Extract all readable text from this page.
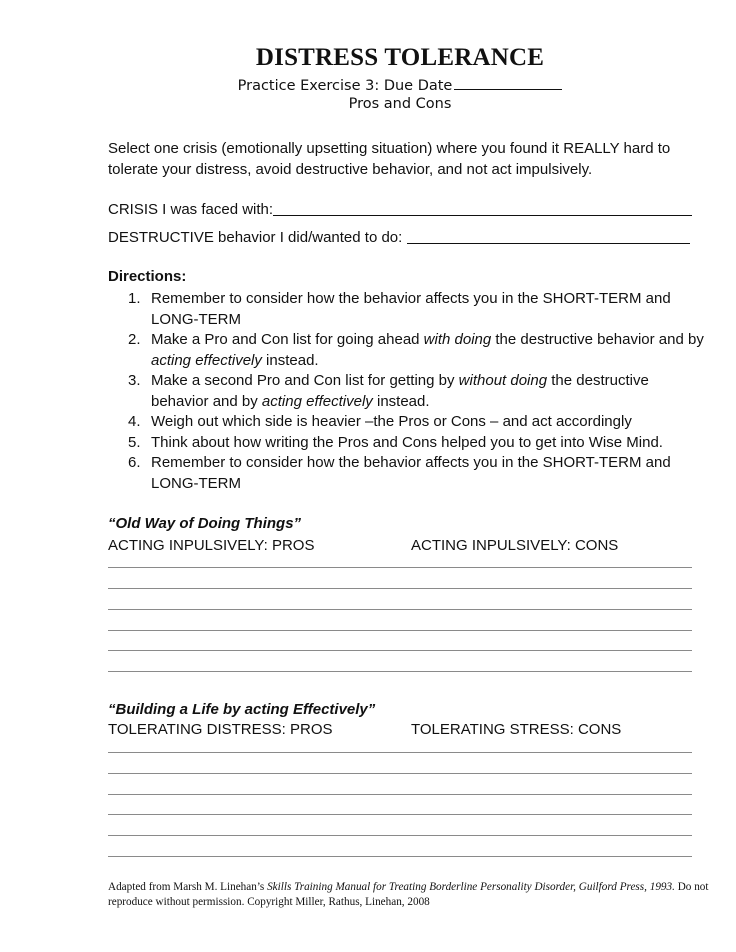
DISTRESS TOLERANCE
Practice Exercise 3: Due Date
Pros and Cons
Select one crisis (emotionally upsetting situation) where you found it REALLY hard to tolerate your distress, avoid destructive behavior, and not act impulsively.
CRISIS I was faced with:
DESTRUCTIVE behavior I did/wanted to do:
Directions:
1. Remember to consider how the behavior affects you in the SHORT-TERM and LONG-TERM
2. Make a Pro and Con list for going ahead with doing the destructive behavior and by acting effectively instead.
3. Make a second Pro and Con list for getting by without doing the destructive behavior and by acting effectively instead.
4. Weigh out which side is heavier –the Pros or Cons – and act accordingly
5. Think about how writing the Pros and Cons helped you to get into Wise Mind.
6. Remember to consider how the behavior affects you in the SHORT-TERM and LONG-TERM
“Old Way of Doing Things”
ACTING INPULSIVELY: PROS	ACTING INPULSIVELY: CONS
“Building a Life by acting Effectively”
TOLERATING DISTRESS: PROS	TOLERATING STRESS: CONS
Adapted from Marsh M. Linehan’s Skills Training Manual for Treating Borderline Personality Disorder, Guilford Press, 1993. Do not reproduce without permission. Copyright Miller, Rathus, Linehan, 2008
